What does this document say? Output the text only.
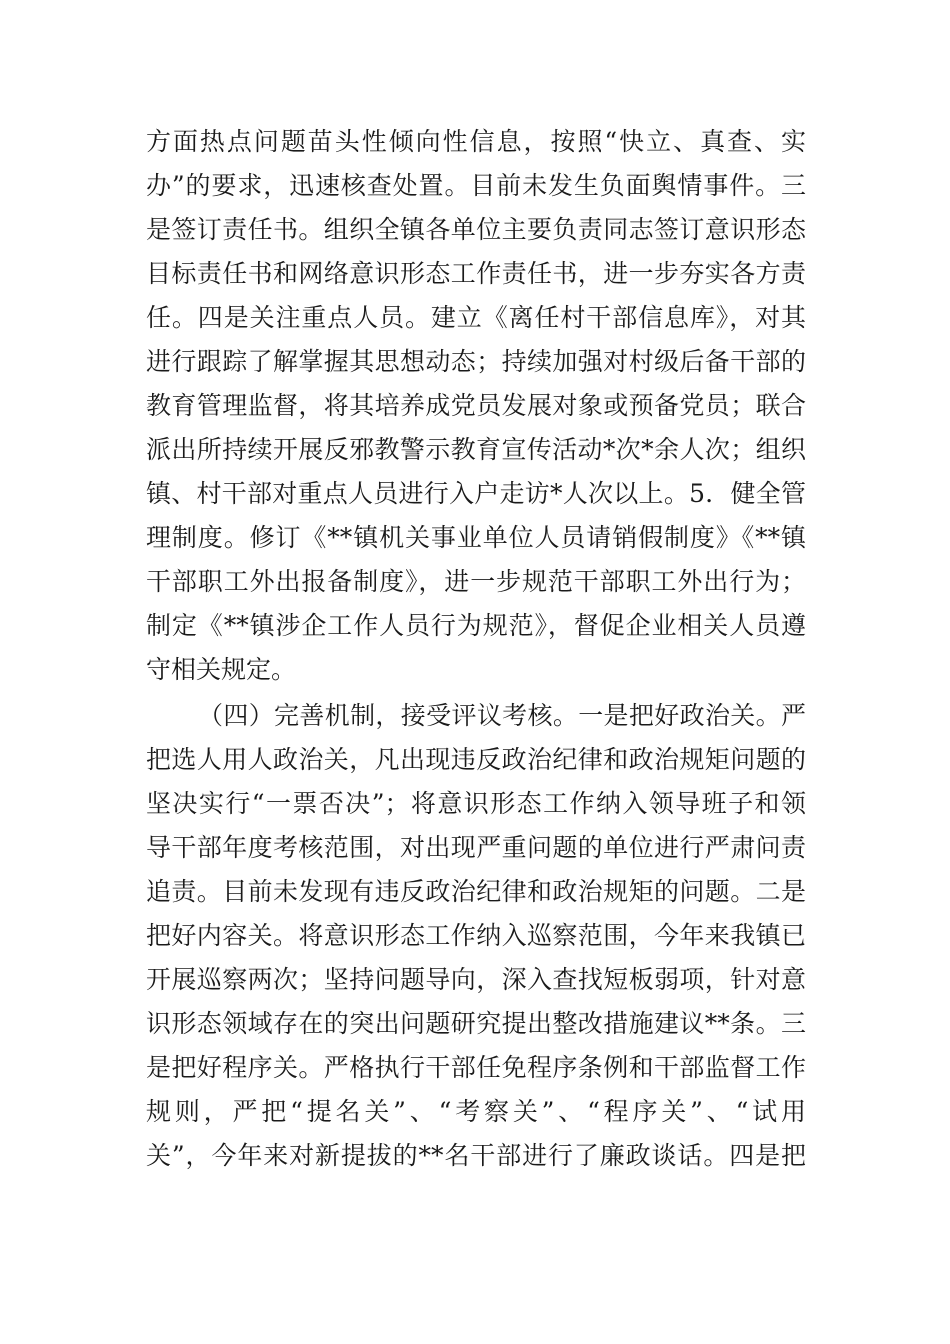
方面热点问题苗头性倾向性信息，按照“快立、真查、实
办”的要求，迅速核查处置。目前未发生负面舆情事件。三
是签订责任书。组织全镇各单位主要负责同志签订意识形态
目标责任书和网络意识形态工作责任书，进一步夯实各方责
任。四是关注重点人员。建立《离任村干部信息库》，对其
进行跟踪了解掌握其思想动态；持续加强对村级后备干部的
教育管理监督，将其培养成党员发展对象或预备党员；联合
派出所持续开展反邪教警示教育宣传活动*次*余人次；组织
镇、村干部对重点人员进行入户走访*人次以上。5．健全管
理制度。修订《**镇机关事业单位人员请销假制度》《**镇
干部职工外出报备制度》，进一步规范干部职工外出行为；
制定《**镇涉企工作人员行为规范》，督促企业相关人员遵
守相关规定。
（四）完善机制，接受评议考核。一是把好政治关。严
把选人用人政治关，凡出现违反政治纪律和政治规矩问题的
坚决实行“一票否决”；将意识形态工作纳入领导班子和领
导干部年度考核范围，对出现严重问题的单位进行严肃问责
追责。目前未发现有违反政治纪律和政治规矩的问题。二是
把好内容关。将意识形态工作纳入巡察范围，今年来我镇已
开展巡察两次；坚持问题导向，深入查找短板弱项，针对意
识形态领域存在的突出问题研究提出整改措施建议**条。三
是把好程序关。严格执行干部任免程序条例和干部监督工作
规则，严把“提名关”、“考察关”、“程序关”、“试用
关”，今年来对新提拔的**名干部进行了廉政谈话。四是把
